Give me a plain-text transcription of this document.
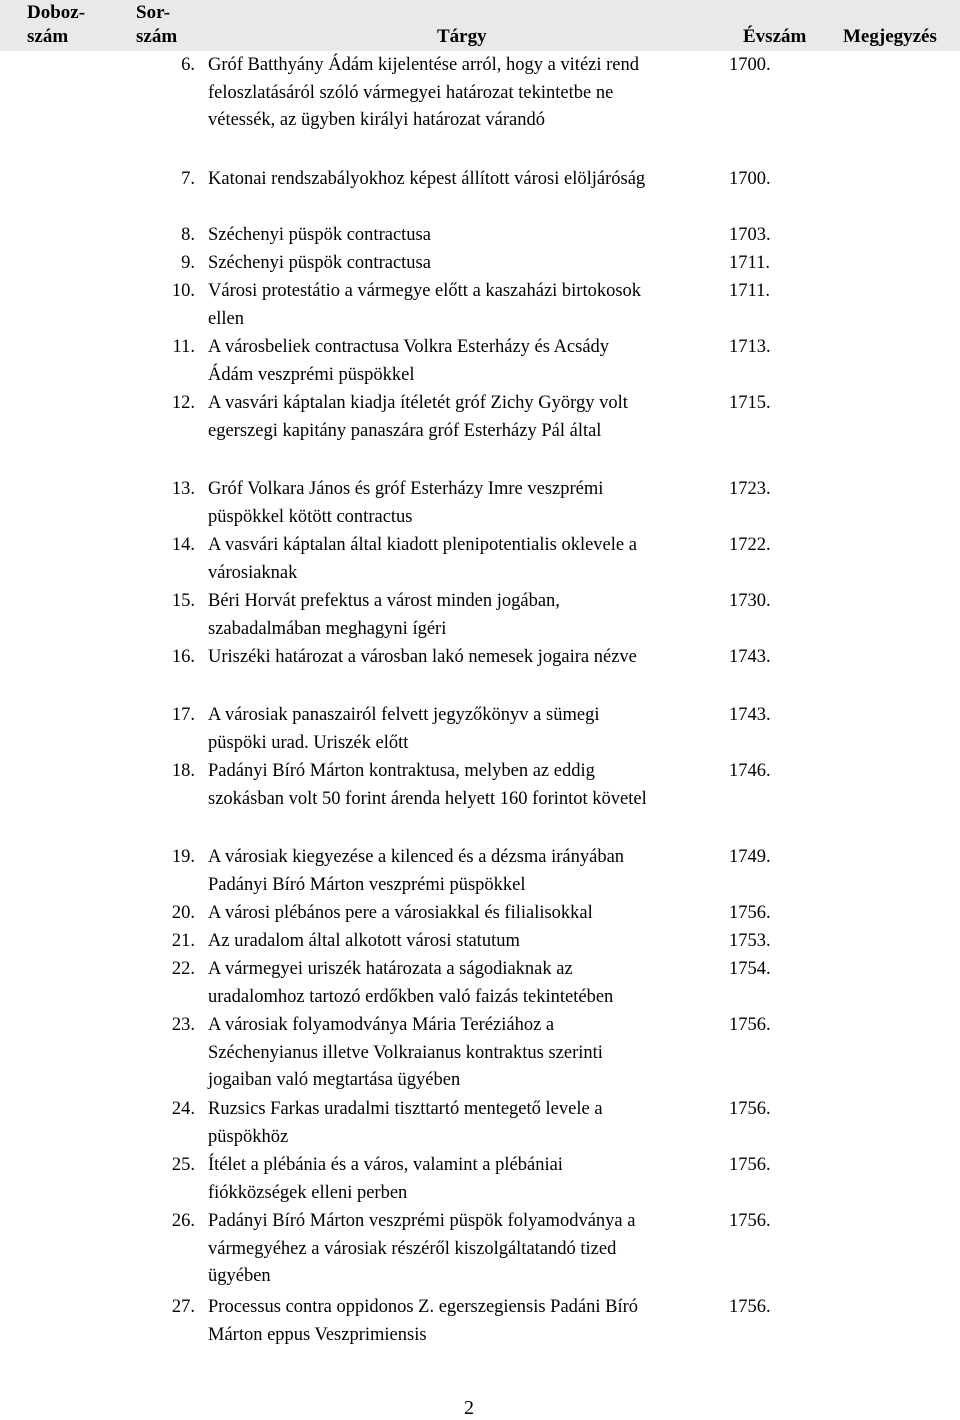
Doboz-
szám
Sor-
szám	Tárgy	Évszám Megjegyzés
6. Gróf Batthyány Ádám kijelentése arról, hogy a vitézi rend
feloszlatásáról szóló vármegyei határozat tekintetbe ne
vétessék, az ügyben királyi határozat várandó
1700.
7. Katonai rendszabályokhoz képest állított városi elöljáróság	1700.
8. Széchenyi püspök contractusa	1703.
9. Széchenyi püspök contractusa	1711.
10. Városi protestátio a vármegye előtt a kaszaházi birtokosok
ellen
1711.
11. A városbeliek contractusa Volkra Esterházy és Acsády
Ádám veszprémi püspökkel
1713.
12. A vasvári káptalan kiadja ítéletét gróf Zichy György volt
egerszegi kapitány panaszára gróf Esterházy Pál által
1715.
13. Gróf Volkara János és gróf Esterházy Imre veszprémi
püspökkel kötött contractus
1723.
14. A vasvári káptalan által kiadott plenipotentialis oklevele a
városiaknak
1722.
15. Béri Horvát prefektus a várost minden jogában,
szabadalmában meghagyni ígéri
1730.
16. Uriszéki határozat a városban lakó nemesek jogaira nézve	1743.
17. A városiak panaszairól felvett jegyzőkönyv a sümegi
püspöki urad. Uriszék előtt
1743.
18. Padányi Bíró Márton kontraktusa, melyben az eddig
szokásban volt 50 forint árenda helyett 160 forintot követel
1746.
19. A városiak kiegyezése a kilenced és a dézsma irányában
Padányi Bíró Márton veszprémi püspökkel
1749.
20. A városi plébános pere a városiakkal és filialisokkal	1756.
21. Az uradalom által alkotott városi statutum	1753.
22. A vármegyei uriszék határozata a ságodiaknak az
uradalomhoz tartozó erdőkben való faizás tekintetében
1754.
23. A városiak folyamodványa Mária Teréziához a
Széchenyianus illetve Volkraianus kontraktus szerinti
jogaiban való megtartása ügyében
1756.
24. Ruzsics Farkas uradalmi tiszttartó mentegető levele a
püspökhöz
1756.
25. Ítélet a plébánia és a város, valamint a plébániai
fiókközségek elleni perben
1756.
26. Padányi Bíró Márton veszprémi püspök folyamodványa a
vármegyéhez a városiak részéről kiszolgáltatandó tized
ügyében
1756.
27. Processus contra oppidonos Z. egerszegiensis Padáni Bíró
Márton eppus Veszprimiensis
1756.
2
